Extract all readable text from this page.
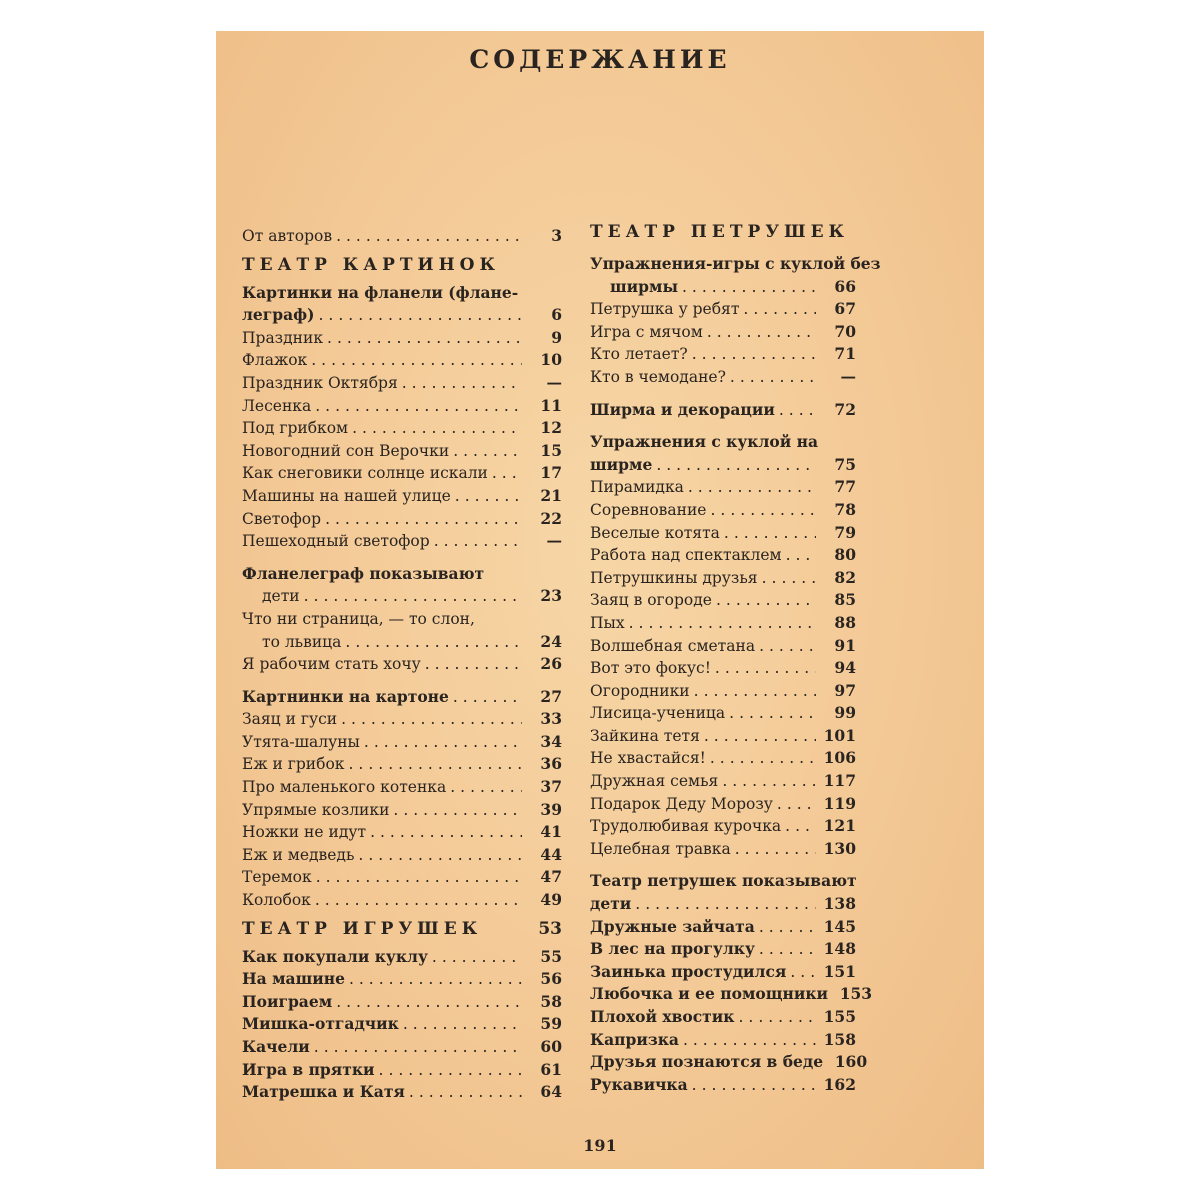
СОДЕРЖАНИЕ
От авторов .....	3
ТЕАТР КАРТИНОК
Картинки на фланели (флане-
леграф) .....	6
Праздник .....	9
Флажок .....	10
Праздник Октября .....	—
Лесенка .....	11
Под грибком .....	12
Новогодний сон Верочки .....	15
Как снеговики солнце искали .....	17
Машины на нашей улице .....	21
Светофор .....	22
Пешеходный светофор .....	—
Фланелеграф показывают
дети .....	23
Что ни страница, — то слон,
то львица .....	24
Я рабочим стать хочу .....	26
Картнинки на картоне .....	27
Заяц и гуси .....	33
Утята-шалуны .....	34
Еж и грибок .....	36
Про маленького котенка .....	37
Упрямые козлики .....	39
Ножки не идут .....	41
Еж и медведь .....	44
Теремок .....	47
Колобок .....	49
ТЕАТР ИГРУШЕК	53
Как покупали куклу .....	55
На машине .....	56
Поиграем .....	58
Мишка-отгадчик .....	59
Качели .....	60
Игра в прятки .....	61
Матрешка и Катя .....	64
ТЕАТР ПЕТРУШЕК
Упражнения-игры с куклой без
ширмы .....	66
Петрушка у ребят .....	67
Игра с мячом .....	70
Кто летает? .....	71
Кто в чемодане? .....	—
Ширма и декорации .....	72
Упражнения с куклой на
ширме .....	75
Пирамидка .....	77
Соревнование .....	78
Веселые котята .....	79
Работа над спектаклем .....	80
Петрушкины друзья .....	82
Заяц в огороде .....	85
Пых .....	88
Волшебная сметана .....	91
Вот это фокус! .....	94
Огородники .....	97
Лисица-ученица .....	99
Зайкина тетя .....	101
Не хвастайся! .....	106
Дружная семья .....	117
Подарок Деду Морозу .....	119
Трудолюбивая курочка .....	121
Целебная травка .....	130
Театр петрушек показывают
дети .....	138
Дружные зайчата .....	145
В лес на прогулку .....	148
Заинька простудился ..... 151
Любочка и ее помощники 153
Плохой хвостик .....	155
Капризка .....	158
Друзья познаются в беде 160
Рукавичка .....	162
191
